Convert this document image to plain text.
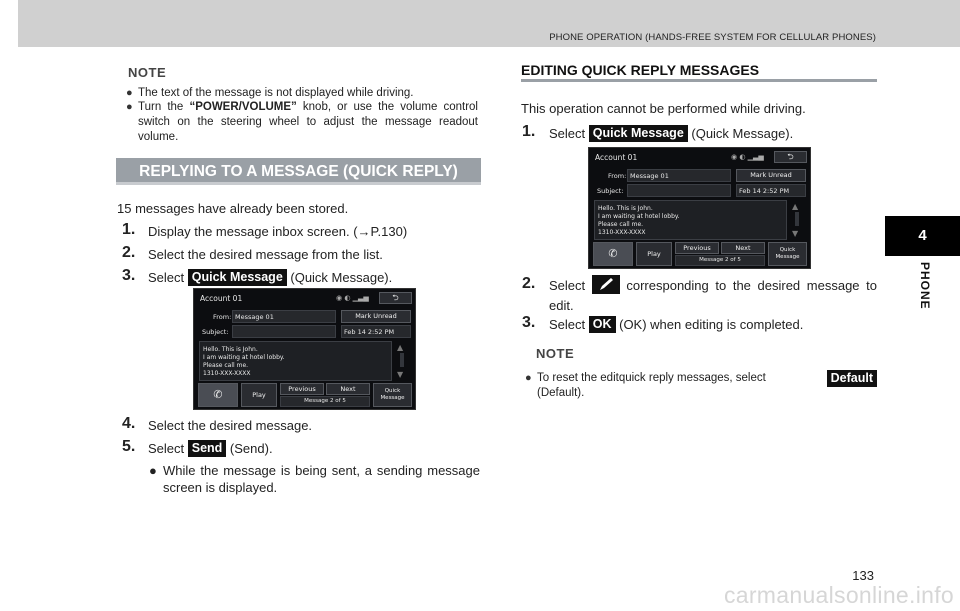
PHONE OPERATION (HANDS-FREE SYSTEM FOR CELLULAR PHONES)
4
PHONE
NOTE
● The text of the message is not displayed while driving.
● Turn the “POWER/VOLUME” knob, or use the volume control switch on the steering wheel to adjust the message readout volume.
REPLYING TO A MESSAGE (QUICK REPLY)
15 messages have already been stored.
1. Display the message inbox screen. (→P.130)
2. Select the desired message from the list.
3. Select Quick Message (Quick Message).
Account 01	◉ ◐ ▁▃▅	⮌
From: Message 01	Mark Unread
Subject:	Feb 14 2:52 PM
Hello. This is John.
I am waiting at hotel lobby.
Please call me.
1310-XXX-XXXX
▲
▼
✆	Play
Previous	Next
Message 2 of 5
Quick
Message
4. Select the desired message.
5. Select Send (Send).
● While the message is being sent, a sending message screen is displayed.
EDITING QUICK REPLY MESSAGES
This operation cannot be performed while driving.
1. Select Quick Message (Quick Message).
Account 01	◉ ◐ ▁▃▅	⮌
From: Message 01	Mark Unread
Subject:	Feb 14 2:52 PM
Hello. This is John.
I am waiting at hotel lobby.
Please call me.
1310-XXX-XXXX
▲
▼
✆	Play
Previous	Next
Message 2 of 5
Quick
Message
2. Select  corresponding to the desired message to edit.
3. Select OK (OK) when editing is completed.
NOTE
● To reset the editquick reply messages, select	Default

(Default).
133
carmanualsonline.info
